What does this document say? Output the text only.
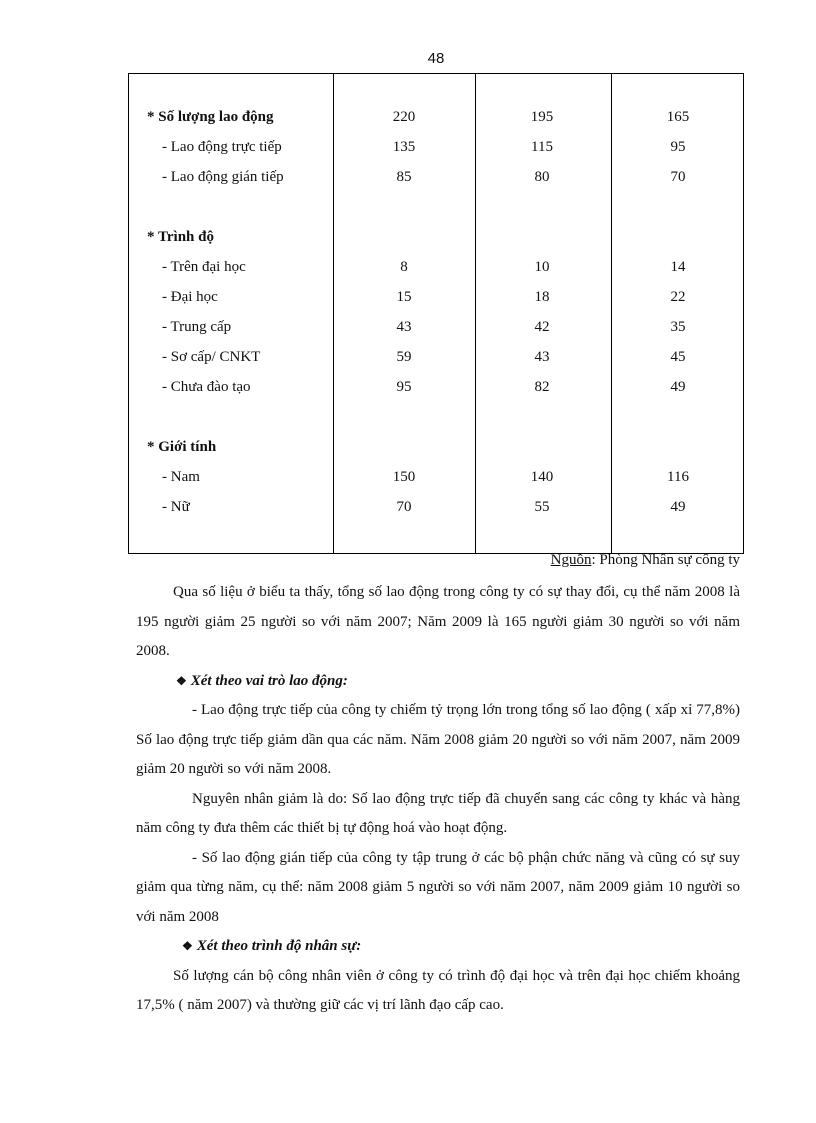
48
* Số lượng lao động	220	195	165
- Lao động trực tiếp	135	115	95
- Lao động gián tiếp	85	80	70
* Trình độ
- Trên đại học	8	10	14
- Đại học	15	18	22
- Trung cấp	43	42	35
- Sơ cấp/ CNKT	59	43	45
- Chưa đào tạo	95	82	49
* Giới tính
- Nam	150	140	116
- Nữ	70	55	49
Nguồn: Phòng Nhân sự công ty

Qua số liệu ở biểu ta thấy, tổng số lao động trong công ty có sự thay đổi, cụ thể năm 2008 là 195 người giảm 25 người so với năm 2007; Năm 2009 là 165 người giảm 30 người so với năm 2008.

❖ Xét theo vai trò lao động:

- Lao động trực tiếp của công ty chiếm tỷ trọng lớn trong tổng số lao động ( xấp xỉ 77,8%) Số lao động trực tiếp giảm dần qua các năm. Năm 2008 giảm 20 người so với năm 2007, năm 2009 giảm 20 người so với năm 2008.

Nguyên nhân giảm là do: Số lao động trực tiếp đã chuyển sang các công ty khác và hàng năm công ty đưa thêm các thiết bị tự động hoá vào hoạt động.

- Số lao động gián tiếp của công ty tập trung ở các bộ phận chức năng và cũng có sự suy giảm qua từng năm, cụ thể: năm 2008 giảm 5 người so với năm 2007, năm 2009 giảm 10 người so với năm 2008

❖ Xét theo trình độ nhân sự:

Số lượng cán bộ công nhân viên ở công ty có trình độ đại học và trên đại học chiếm khoảng 17,5% ( năm 2007) và thường giữ các vị trí lãnh đạo cấp cao.
